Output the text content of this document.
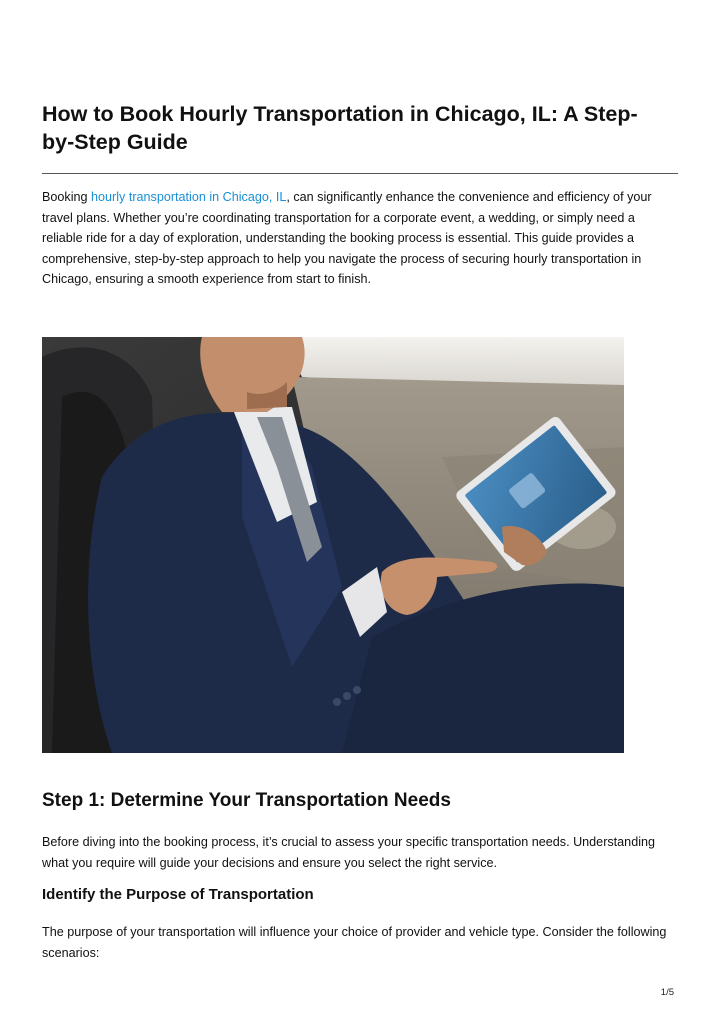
How to Book Hourly Transportation in Chicago, IL: A Step-by-Step Guide

Booking hourly transportation in Chicago, IL, can significantly enhance the convenience and efficiency of your travel plans. Whether you’re coordinating transportation for a corporate event, a wedding, or simply need a reliable ride for a day of exploration, understanding the booking process is essential. This guide provides a comprehensive, step-by-step approach to help you navigate the process of securing hourly transportation in Chicago, ensuring a smooth experience from start to finish.

Step 1: Determine Your Transportation Needs

Before diving into the booking process, it’s crucial to assess your specific transportation needs. Understanding what you require will guide your decisions and ensure you select the right service.

Identify the Purpose of Transportation

The purpose of your transportation will influence your choice of provider and vehicle type. Consider the following scenarios:

1/5
